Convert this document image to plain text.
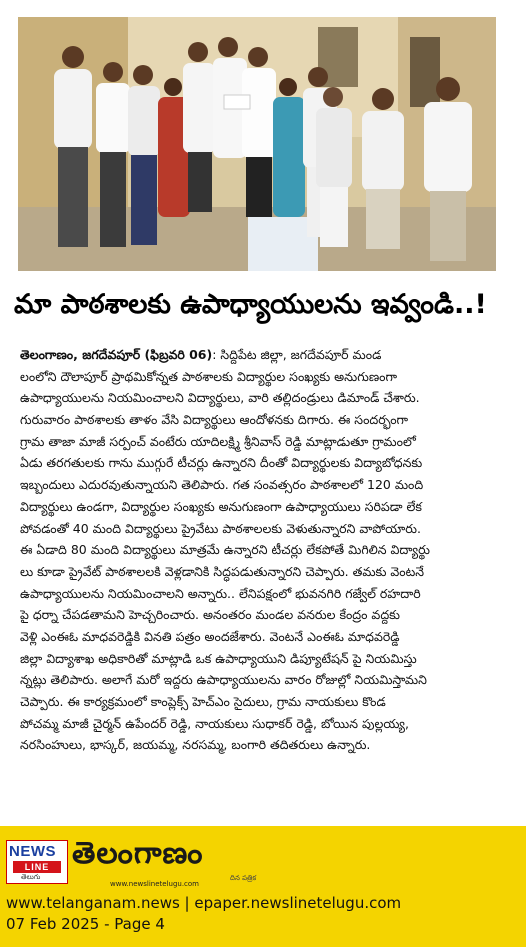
మా పాఠశాలకు ఉపాధ్యాయులను ఇవ్వండి..!
తెలంగాణం, జగదేవపూర్ (ఫిబ్రవరి 06): సిద్దిపేట జిల్లా, జగదేవపూర్ మండ
లంలోని దౌలాపూర్ ప్రాథమికోన్నత పాఠశాలకు విద్యార్థుల సంఖ్యకు అనుగుణంగా
ఉపాధ్యాయులను నియమించాలని విద్యార్థులు, వారి తల్లిదండ్రులు డిమాండ్ చేశారు.
గురువారం పాఠశాలకు తాళం వేసి విద్యార్థులు ఆందోళనకు దిగారు. ఈ సందర్భంగా
గ్రామ తాజా మాజీ సర్పంచ్ వంటేరు యాదిలక్ష్మి శ్రీనివాస్ రెడ్డి మాట్లాడుతూ గ్రామంలో
ఏడు తరగతులకు గాను ముగ్గురే టీచర్లు ఉన్నారని దీంతో విద్యార్థులకు విద్యాబోధనకు
ఇబ్బందులు ఎదురవుతున్నాయని తెలిపారు. గత సంవత్సరం పాఠశాలలో 120 మంది
విద్యార్థులు ఉండగా, విద్యార్థుల సంఖ్యకు అనుగుణంగా ఉపాధ్యాయులు సరిపడా లేక
పోవడంతో 40 మంది విద్యార్థులు ప్రైవేటు పాఠశాలలకు వెళుతున్నారని వాపోయారు.
ఈ ఏడాది 80 మంది విద్యార్థులు మాత్రమే ఉన్నారని టీచర్లు లేకపోతే మిగిలిన విద్యార్థు
లు కూడా ప్రైవేట్ పాఠశాలలకి వెళ్లడానికి సిద్ధపడుతున్నారని చెప్పారు. తమకు వెంటనే
ఉపాధ్యాయులను నియమించాలని అన్నారు.. లేనిపక్షంలో భువనగిరి గజ్వేల్ రహదారి
పై ధర్నా చేపడతామని హెచ్చరించారు. అనంతరం మండల వనరుల కేంద్రం వద్దకు
వెళ్లి ఎంఈఓ మాధవరెడ్డికి వినతి పత్రం అందజేశారు. వెంటనే ఎంఈఓ మాధవరెడ్డి
జిల్లా విద్యాశాఖ అధికారితో మాట్లాడి ఒక ఉపాధ్యాయుని డిప్యూటేషన్ పై నియమిస్తు
న్నట్లు తెలిపారు. అలాగే మరో ఇద్దరు ఉపాధ్యాయులను వారం రోజుల్లో నియమిస్తామని
చెప్పారు. ఈ కార్యక్రమంలో కాంప్లెక్స్ హెచ్ఎం సైదులు, గ్రామ నాయకులు కొండ
పోచమ్మ మాజీ చైర్మన్ ఉపేందర్ రెడ్డి, నాయకులు సుధాకర్ రెడ్డి, బోయిన పుల్లయ్య,
నరసింహులు, భాస్కర్, జయమ్మ, నరసమ్మ, బంగారి తదితరులు ఉన్నారు.
NEWS
LINE
తెలుగు
తెలంగాణం
దిన పత్రిక
www.newslinetelugu.com
www.telanganam.news | epaper.newslinetelugu.com
07 Feb 2025 - Page 4
